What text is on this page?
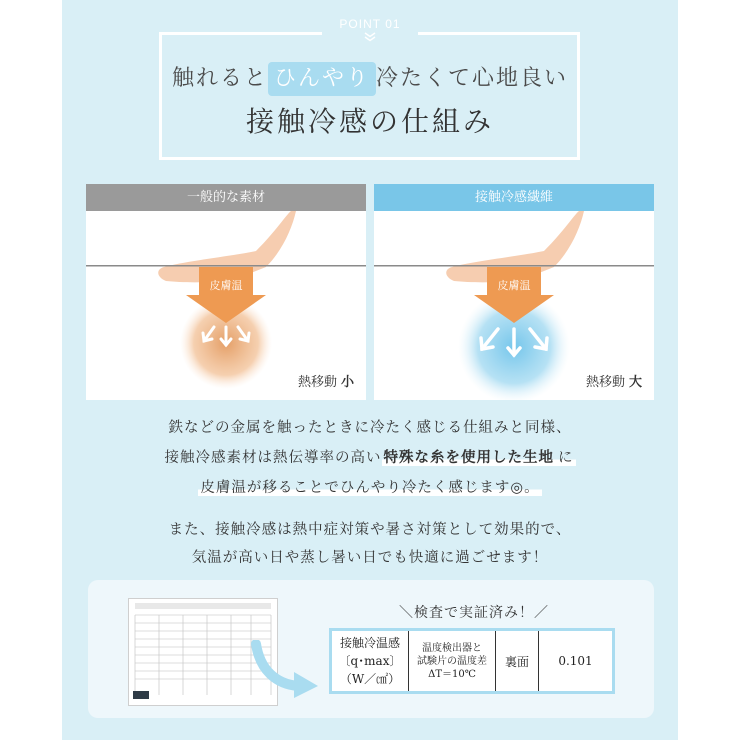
POINT 01
触れると ひんやり 冷たくて心地良い
接触冷感の仕組み
一般的な素材
皮膚温
熱移動 小
接触冷感繊維
皮膚温
熱移動 大
鉄などの金属を触ったときに冷たく感じる仕組みと同様、
接触冷感素材は熱伝導率の高い 特殊な糸を使用した生地 に
皮膚温が移ることでひんやり冷たく感じます◎。
また、接触冷感は熱中症対策や暑さ対策として効果的で、
気温が高い日や蒸し暑い日でも快適に過ごせます！
＼検査で実証済み！／
接触冷温感
〔q･max〕
（W／㎠）
温度検出器と
試験片の温度差
ΔT＝10℃
裏面	0.101
